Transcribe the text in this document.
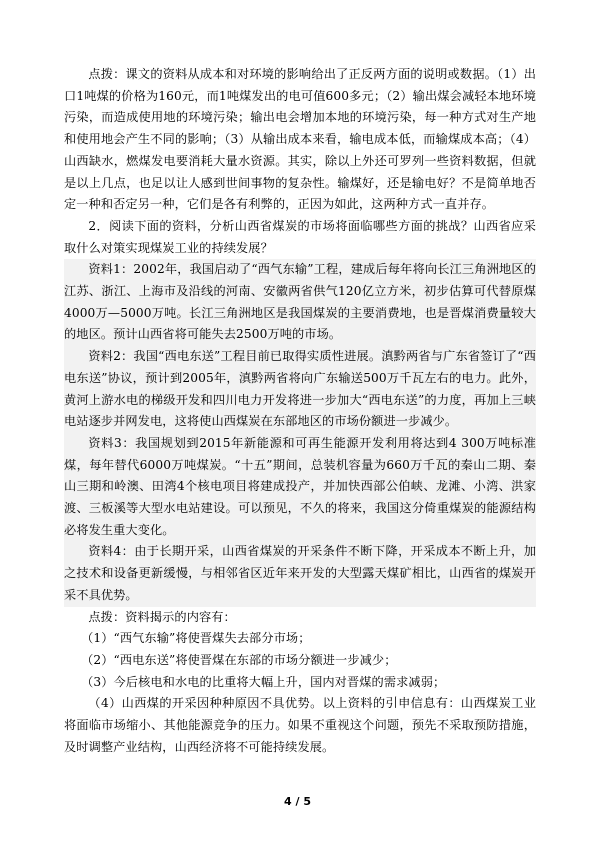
点拨：课文的资料从成本和对环境的影响给出了正反两方面的说明或数据。（1）出口1吨煤的价格为160元，而1吨煤发出的电可值600多元；（2）输出煤会减轻本地环境污染，而造成使用地的环境污染；输出电会增加本地的环境污染，每一种方式对生产地和使用地会产生不同的影响；（3）从输出成本来看，输电成本低，而输煤成本高；（4）山西缺水，燃煤发电要消耗大量水资源。其实，除以上外还可罗列一些资料数据，但就是以上几点，也足以让人感到世间事物的复杂性。输煤好，还是输电好？不是简单地否定一种和否定另一种，它们是各有利弊的，正因为如此，这两种方式一直并存。

2．阅读下面的资料，分析山西省煤炭的市场将面临哪些方面的挑战？山西省应采取什么对策实现煤炭工业的持续发展？

资料1：2002年，我国启动了“西气东输”工程，建成后每年将向长江三角洲地区的江苏、浙江、上海市及沿线的河南、安徽两省供气120亿立方米，初步估算可代替原煤4000万—5000万吨。长江三角洲地区是我国煤炭的主要消费地，也是晋煤消费量较大的地区。预计山西省将可能失去2500万吨的市场。

资料2：我国“西电东送”工程目前已取得实质性进展。滇黔两省与广东省签订了“西电东送”协议，预计到2005年，滇黔两省将向广东输送500万千瓦左右的电力。此外，黄河上游水电的梯级开发和四川电力开发将进一步加大“西电东送”的力度，再加上三峡电站逐步并网发电，这将使山西煤炭在东部地区的市场份额进一步减少。

资料3：我国规划到2015年新能源和可再生能源开发利用将达到4 300万吨标准煤，每年替代6000万吨煤炭。“十五”期间，总装机容量为660万千瓦的秦山二期、秦山三期和岭澳、田湾4个核电项目将建成投产，并加快西部公伯峡、龙滩、小湾、洪家渡、三板溪等大型水电站建设。可以预见，不久的将来，我国这分倚重煤炭的能源结构必将发生重大变化。

资料4：由于长期开采，山西省煤炭的开采条件不断下降，开采成本不断上升，加之技术和设备更新缓慢，与相邻省区近年来开发的大型露天煤矿相比，山西省的煤炭开采不具优势。

点拨：资料揭示的内容有：

（1）“西气东输”将使晋煤失去部分市场；

（2）“西电东送”将使晋煤在东部的市场分额进一步减少；

（3）今后核电和水电的比重将大幅上升，国内对晋煤的需求减弱；

（4）山西煤的开采因种种原因不具优势。以上资料的引申信息有：山西煤炭工业将面临市场缩小、其他能源竞争的压力。如果不重视这个问题，预先不采取预防措施，及时调整产业结构，山西经济将不可能持续发展。

4 / 5
